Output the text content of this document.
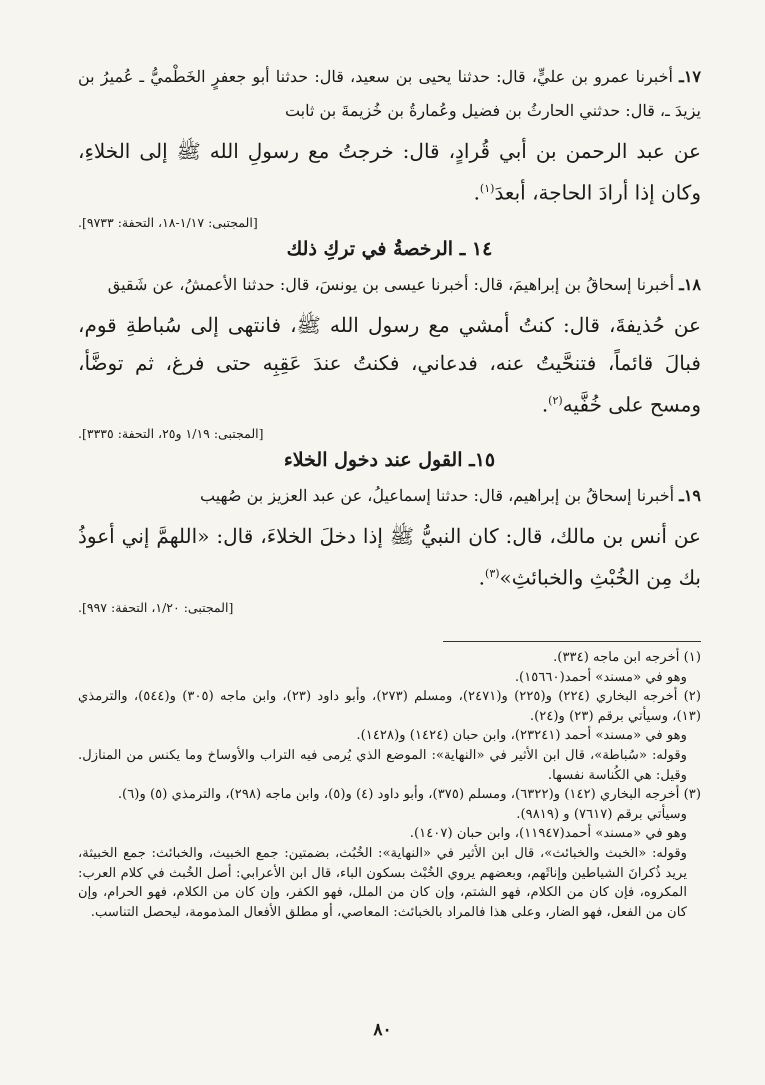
١٧ـ أخبرنا عمرو بن عليٍّ، قال: حدثنا يحيى بن سعيد، قال: حدثنا أبو جعفرٍ الخَطْميُّ ـ عُميرُ بن يزيدَ ـ، قال: حدثني الحارثُ بن فضيل وعُمارةُ بن خُزيمةَ بن ثابت

عن عبد الرحمن بن أبي قُرادٍ، قال: خرجتُ مع رسولِ الله ﷺ إلى الخلاءِ، وكان إذا أرادَ الحاجة، أبعدَ$^{(١)}$.

[المجتبى: ١/١٧-١٨، التحفة: ٩٧٣٣].
١٤ ـ الرخصةُ في تركِ ذلك

١٨ـ أخبرنا إسحاقُ بن إبراهيمَ، قال: أخبرنا عيسى بن يونسَ، قال: حدثنا الأعمشُ، عن شَقيق

عن حُذيفةَ، قال: كنتُ أمشي مع رسول الله ﷺ، فانتهى إلى سُباطةِ قوم، فبالَ قائماً، فتنحَّيتُ عنه، فدعاني، فكنتُ عندَ عَقِبِه حتى فرغ، ثم توضَّأ، ومسح على خُفَّيه$^{(٢)}$.

[المجتبى: ١/١٩ و٢٥، التحفة: ٣٣٣٥].
١٥ـ القول عند دخول الخلاء

١٩ـ أخبرنا إسحاقُ بن إبراهيم، قال: حدثنا إسماعيلُ، عن عبد العزيز بن صُهيب

عن أنس بن مالك، قال: كان النبيُّ ﷺ إذا دخلَ الخلاءَ، قال: «اللهمَّ إني أعوذُ بك مِن الخُبْثِ والخبائثِ»$^{(٣)}$.

[المجتبى: ١/٢٠، التحفة: ٩٩٧].

(١) أخرجه ابن ماجه (٣٣٤).

وهو في «مسند» أحمد(١٥٦٦٠).

(٢) أخرجه البخاري (٢٢٤) و(٢٢٥) و(٢٤٧١)، ومسلم (٢٧٣)، وأبو داود (٢٣)، وابن ماجه (٣٠٥) و(٥٤٤)، والترمذي (١٣)، وسيأتي برقم (٢٣) و(٢٤).

وهو في «مسند» أحمد (٢٣٢٤١)، وابن حبان (١٤٢٤) و(١٤٢٨).

وقوله: «سُباطة»، قال ابن الأثير في «النهاية»: الموضع الذي يُرمى فيه التراب والأوساخ وما يكنس من المنازل. وقيل: هي الكُناسة نفسها.

(٣) أخرجه البخاري (١٤٢) و(٦٣٢٢)، ومسلم (٣٧٥)، وأبو داود (٤) و(٥)، وابن ماجه (٢٩٨)، والترمذي (٥) و(٦).

وسيأتي برقم (٧٦١٧) و (٩٨١٩).

وهو في «مسند» أحمد(١١٩٤٧)، وابن حبان (١٤٠٧).

وقوله: «الخبث والخبائث»، قال ابن الأثير في «النهاية»: الخُبُث، بضمتين: جمع الخبيث، والخبائث: جمع الخبيثة، يريد ذُكرانَ الشياطين وإناثَهم، وبعضهم يروي الخُبْث بسكون الباء، قال ابن الأعرابي: أصل الخُبث في كلام العرب: المكروه، فإن كان من الكلام، فهو الشتم، وإن كان من الملل، فهو الكفر، وإن كان من الكلام، فهو الحرام، وإن كان من الفعل، فهو الضار، وعلى هذا فالمراد بالخبائث: المعاصي، أو مطلق الأفعال المذمومة، ليحصل التناسب.

٨٠
